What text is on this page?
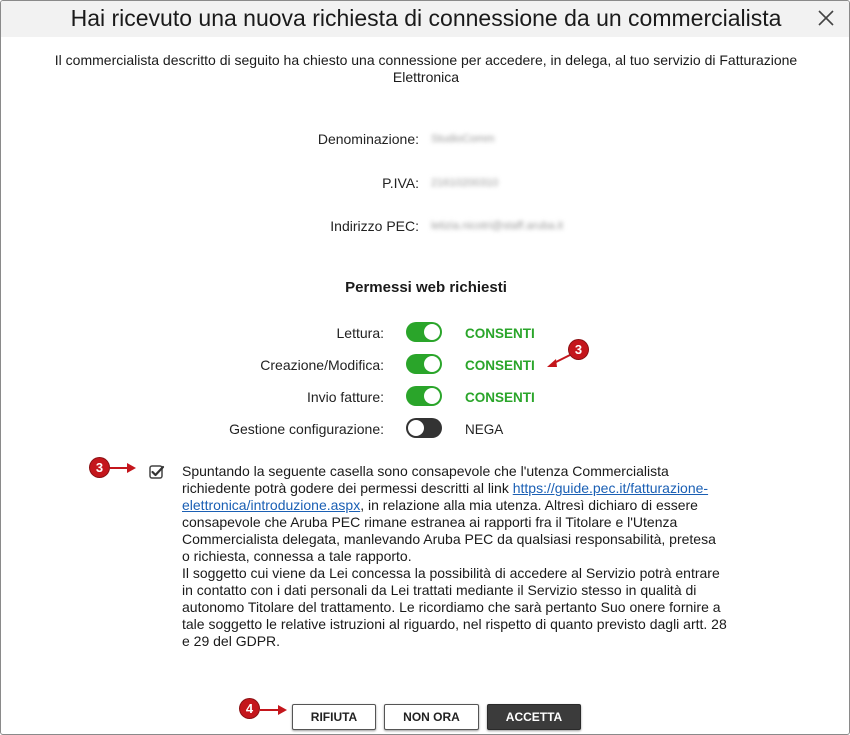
Hai ricevuto una nuova richiesta di connessione da un commercialista
Il commercialista descritto di seguito ha chiesto una connessione per accedere, in delega, al tuo servizio di Fatturazione Elettronica
Denominazione: StudioComm
P.IVA: 21610200310
Indirizzo PEC: letizia.nicotri@staff.aruba.it
Permessi web richiesti
Lettura:	CONSENTI
Creazione/Modifica:	CONSENTI
Invio fatture:	CONSENTI
Gestione configurazione:	NEGA
3
3	Spuntando la seguente casella sono consapevole che l'utenza Commercialista richiedente potrà godere dei permessi descritti al link https://guide.pec.it/fatturazione-elettronica/introduzione.aspx, in relazione alla mia utenza. Altresì dichiaro di essere consapevole che Aruba PEC rimane estranea ai rapporti fra il Titolare e l'Utenza Commercialista delegata, manlevando Aruba PEC da qualsiasi responsabilità, pretesa o richiesta, connessa a tale rapporto.
Il soggetto cui viene da Lei concessa la possibilità di accedere al Servizio potrà entrare in contatto con i dati personali da Lei trattati mediante il Servizio stesso in qualità di autonomo Titolare del trattamento. Le ricordiamo che sarà pertanto Suo onere fornire a tale soggetto le relative istruzioni al riguardo, nel rispetto di quanto previsto dagli artt. 28 e 29 del GDPR.
4
RIFIUTA	NON ORA	ACCETTA
